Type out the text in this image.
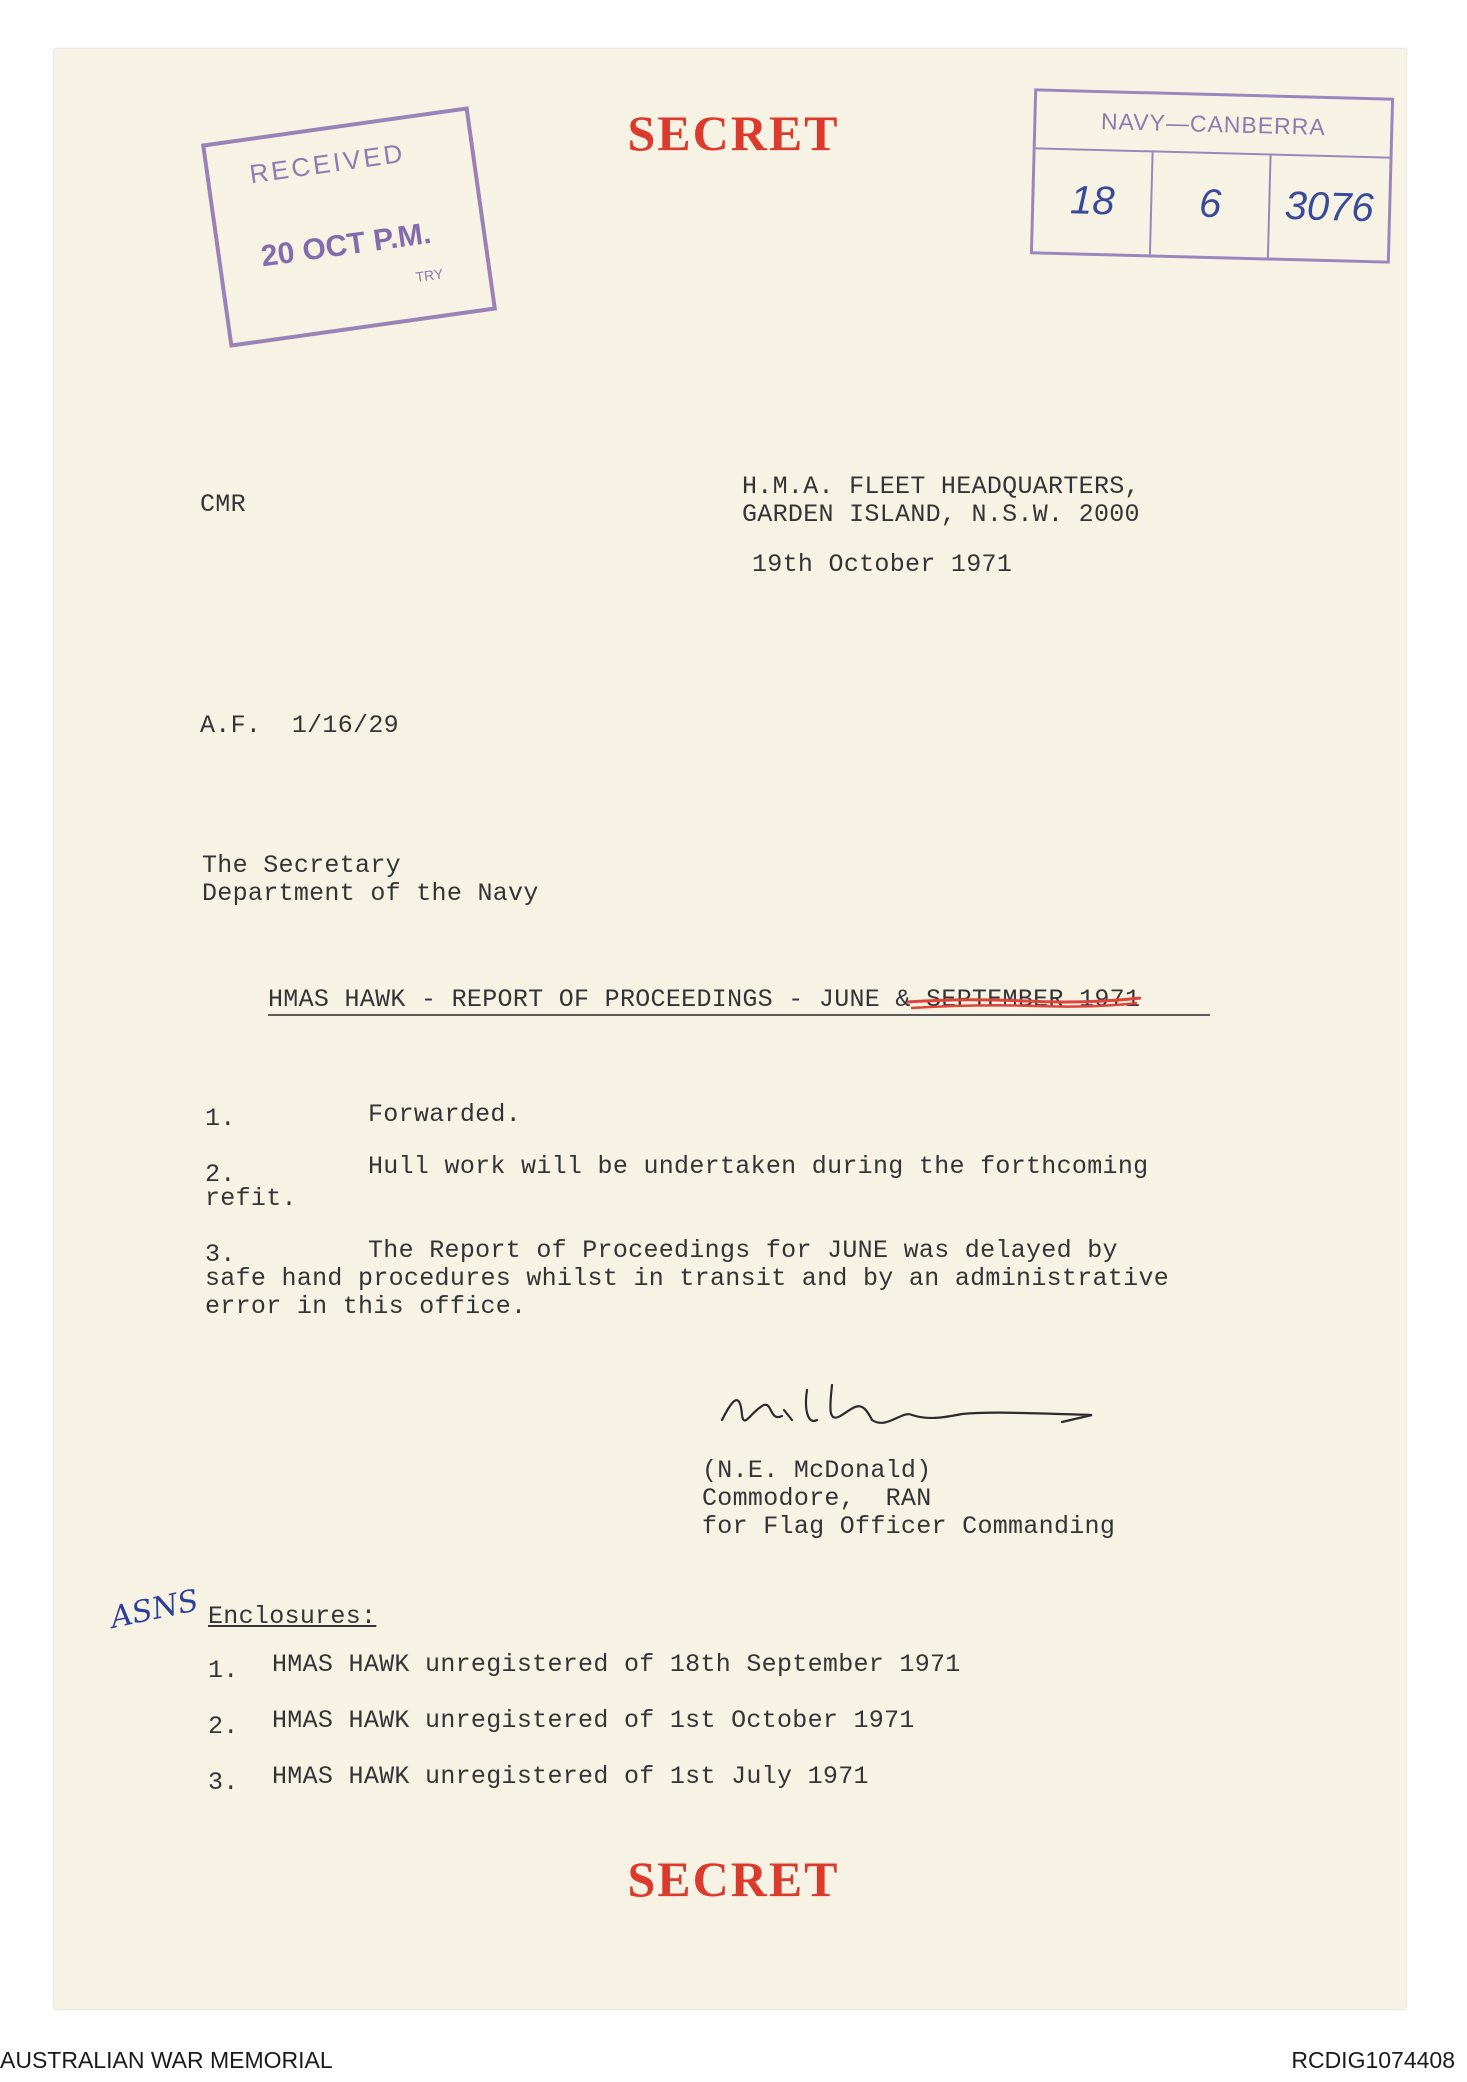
SECRET
RECEIVED
20 OCT P.M.
TRY
NAVY—CANBERRA
18	6	3076
CMR
H.M.A. FLEET HEADQUARTERS,
GARDEN ISLAND, N.S.W. 2000
19th October 1971
A.F.  1/16/29
The Secretary
Department of the Navy
HMAS HAWK - REPORT OF PROCEEDINGS - JUNE & SEPTEMBER 1971
1.	Forwarded.
2.	Hull work will be undertaken during the forthcoming
refit.
3.	The Report of Proceedings for JUNE was delayed by
safe hand procedures whilst in transit and by an administrative
error in this office.
(N.E. McDonald)
Commodore,  RAN
for Flag Officer Commanding
ASNS Enclosures:
1. HMAS HAWK unregistered of 18th September 1971
2. HMAS HAWK unregistered of 1st October 1971
3. HMAS HAWK unregistered of 1st July 1971
SECRET
AUSTRALIAN WAR MEMORIAL	RCDIG1074408
